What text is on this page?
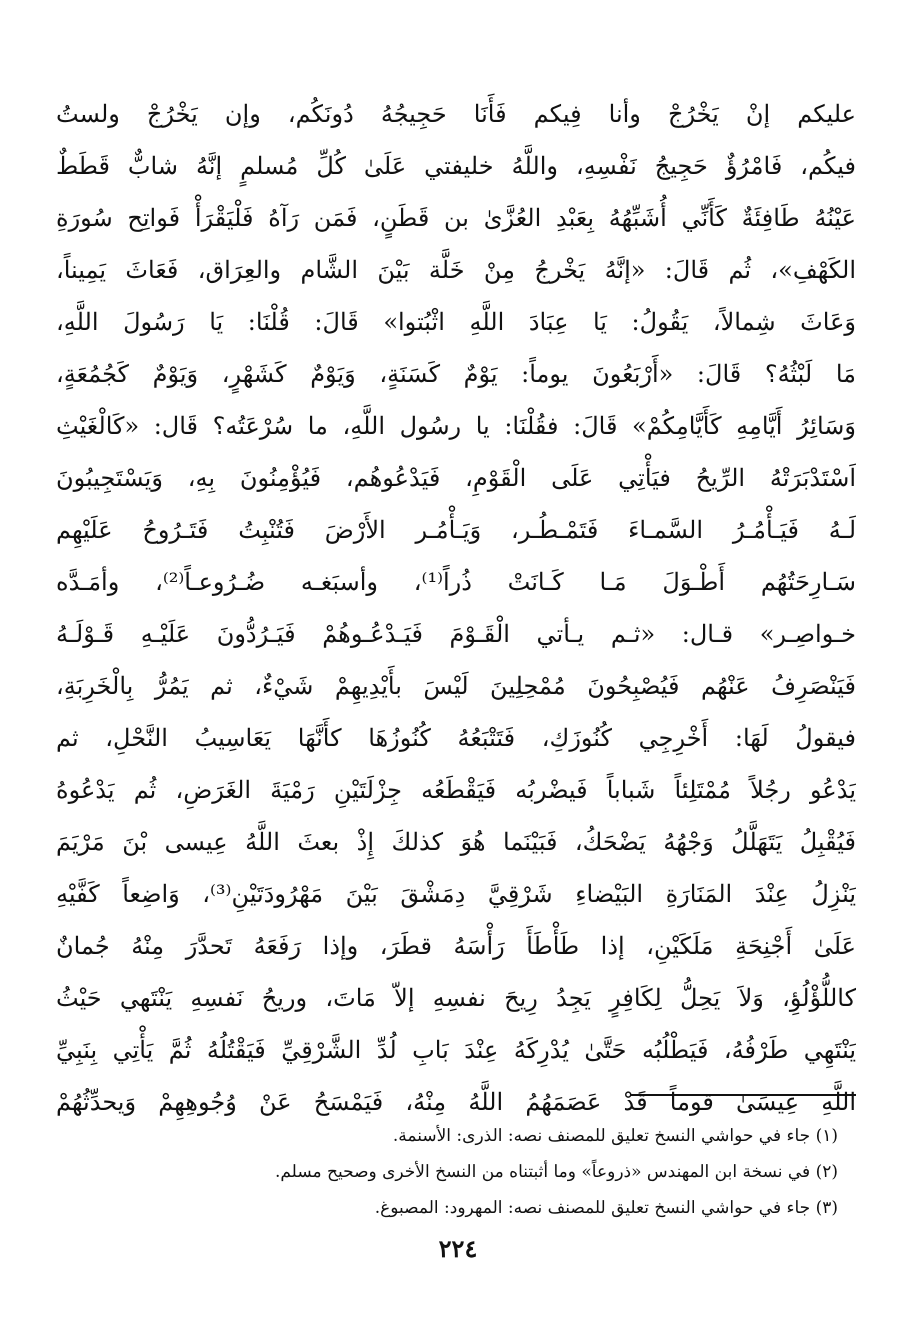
عليكم إنْ يَخْرُجْ وأنا فِيكم فَأَنَا حَجِيجُهُ دُونَكُم، وإن يَخْرُجْ ولستُ
فيكُم، فَامْرُؤٌ حَجِيجُ نَفْسِهِ، واللَّهُ خليفتي عَلَىٰ كُلِّ مُسلمٍ إنَّهُ شابٌّ قَطَطٌ
عَيْنُهُ طَافِئَةٌ كَأَنِّي أُشَبِّهُهُ بِعَبْدِ العُزَّىٰ بن قَطَنٍ، فَمَن رَآهُ فَلْيَقْرَأْ فَواتِح سُورَةِ
الكَهْفِ»، ثُم قَالَ: «إنَّهُ يَخْرجُ مِنْ خَلَّة بَيْنَ الشَّام والعِرَاق، فَعَاثَ يَمِيناً،
وَعَاثَ شِمالاً، يَقُولُ: يَا عِبَادَ اللَّهِ اثْبُتوا» قَالَ: قُلْنَا: يَا رَسُولَ اللَّهِ،
مَا لَبْثُهُ؟ قَالَ: «أَرْبَعُونَ يوماً: يَوْمٌ كَسَنَةٍ، وَيَوْمٌ كَشَهْرٍ، وَيَوْمٌ كَجُمُعَةٍ،
وَسَائِرُ أَيَّامِهِ كَأَيَّامِكُمْ» قَالَ: فقُلْنَا: يا رسُول اللَّهِ، ما سُرْعَتُه؟ قَال: «كَالْغَيْثِ
اَسْتَدْبَرَتْهُ الرِّيحُ فيَأْتِي عَلَى الْقَوْمِ، فَيَدْعُوهُم، فَيُؤْمِنُونَ بِهِ، وَيَسْتَجِيبُونَ
لَـهُ فَيَـأْمُـرُ السَّمـاءَ فَتَمْـطُـر، وَيَـأْمُـر الأَرْضَ فَتُنْبِتُ فَتَـرُوحُ عَلَيْهِم
سَـارِحَتُهُم أَطْـوَلَ مَـا كَـانَتْ ذُراً⁽¹⁾، وأسبَغـه ضُـرُوعـاً⁽²⁾، وأمَـدَّه
خـواصِـر» قـال: «ثـم يـأتي الْقَـوْمَ فَيَـدْعُـوهُمْ فَيَـرُدُّونَ عَلَيْـهِ قَـوْلَـهُ
فَيَنْصَرِفُ عَنْهُم فَيُصْبِحُونَ مُمْحِلِينَ لَيْسَ بأَيْدِيهِمْ شَيْءٌ، ثم يَمُرُّ بِالْخَرِبَةِ،
فيقولُ لَهَا: أَخْرِجِي كُنُوزَكِ، فَتَتْبَعُهُ كُنُوزُهَا كأَنَّهَا يَعَاسِيبُ النَّحْلِ، ثم
يَدْعُو رجُلاً مُمْتَلِئاً شَباباً فَيضْربُه فَيَقْطَعُه جِزْلَتَيْنِ رَمْيَةَ الغَرَضِ، ثُم يَدْعُوهُ
فَيُقْبِلُ يَتَهَلَّلُ وَجْهُهُ يَضْحَكُ، فَبَيْنَما هُوَ كذلكَ إِذْ بعثَ اللَّهُ عِيسى بْنَ مَرْيَمَ
يَنْزِلُ عِنْدَ المَنَارَةِ البَيْضاءِ شَرْقِيَّ دِمَشْقَ بَيْنَ مَهْرُودَتَيْنِ⁽³⁾، وَاضِعاً كَفَّيْهِ
عَلَىٰ أَجْنِحَةِ مَلَكَيْنِ، إذا طَأْطَأَ رَأْسَهُ قطَرَ، وإذا رَفَعَهُ تَحدَّرَ مِنْهُ جُمانٌ
كاللُّؤْلُؤِ، وَلاَ يَحِلُّ لِكَافِرٍ يَجِدُ رِيحَ نفسِهِ إلاّ مَاتَ، وريحُ نَفسِهِ يَنْتَهي حَيْثُ
يَنْتَهِي طَرْفُهُ، فَيَطْلُبُه حَتَّىٰ يُدْرِكَهُ عِنْدَ بَابِ لُدِّ الشَّرْقِيِّ فَيَقْتُلُهُ ثُمَّ يَأْتِي بِنَبِيِّ
اللَّهِ عِيسَىٰ قوماً قَدْ عَصَمَهُمُ اللَّهُ مِنْهُ، فَيَمْسَحُ عَنْ وُجُوهِهِمْ وَيحدِّثُهُمْ
(١) جاء في حواشي النسخ تعليق للمصنف نصه: الذرى: الأسنمة.
(٢) في نسخة ابن المهندس «ذروعاً» وما أثبتناه من النسخ الأخرى وصحيح مسلم.
(٣) جاء في حواشي النسخ تعليق للمصنف نصه: المهرود: المصبوغ.
٢٢٤
